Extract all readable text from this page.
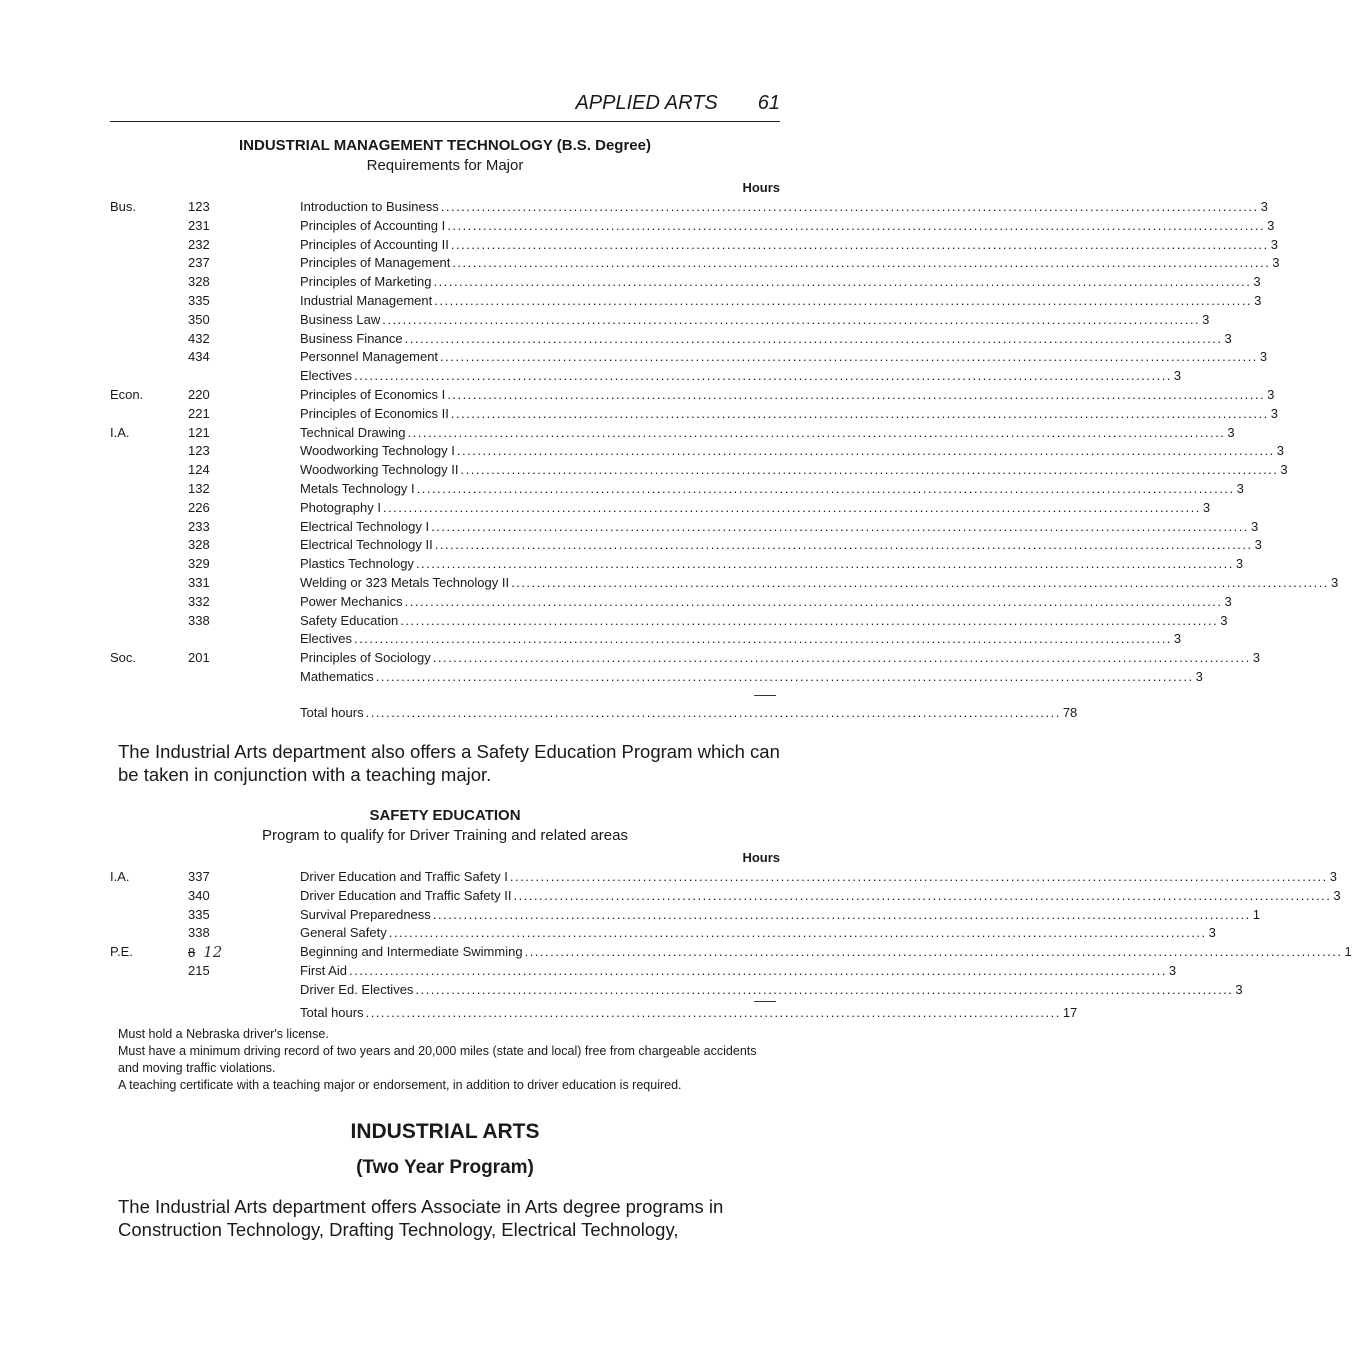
APPLIED ARTS 61
INDUSTRIAL MANAGEMENT TECHNOLOGY (B.S. Degree)
Requirements for Major
Hours
Bus.	123	Introduction to Business ................................................................................................................................................................ 3
231	Principles of Accounting I ................................................................................................................................................................ 3
232	Principles of Accounting II ................................................................................................................................................................ 3
237	Principles of Management ................................................................................................................................................................ 3
328	Principles of Marketing ................................................................................................................................................................ 3
335	Industrial Management ................................................................................................................................................................ 3
350	Business Law ................................................................................................................................................................ 3
432	Business Finance ................................................................................................................................................................ 3
434	Personnel Management ................................................................................................................................................................ 3
Electives ................................................................................................................................................................ 3
Econ.	220	Principles of Economics I ................................................................................................................................................................ 3
221	Principles of Economics II ................................................................................................................................................................ 3
I.A.	121	Technical Drawing ................................................................................................................................................................ 3
123	Woodworking Technology I ................................................................................................................................................................ 3
124	Woodworking Technology II ................................................................................................................................................................ 3
132	Metals Technology I ................................................................................................................................................................ 3
226	Photography I ................................................................................................................................................................ 3
233	Electrical Technology I ................................................................................................................................................................ 3
328	Electrical Technology II ................................................................................................................................................................ 3
329	Plastics Technology ................................................................................................................................................................ 3
331	Welding or 323 Metals Technology II ................................................................................................................................................................ 3
332	Power Mechanics ................................................................................................................................................................ 3
338	Safety Education ................................................................................................................................................................ 3
Electives ................................................................................................................................................................ 3
Soc.	201	Principles of Sociology ................................................................................................................................................................ 3
Mathematics ................................................................................................................................................................ 3
Total hours ........................................................................................................................................ 78
The Industrial Arts department also offers a Safety Education Program which can be taken in conjunction with a teaching major.
SAFETY EDUCATION
Program to qualify for Driver Training and related areas
Hours
I.A.	337	Driver Education and Traffic Safety I ................................................................................................................................................................ 3
340	Driver Education and Traffic Safety II ................................................................................................................................................................ 3
335	Survival Preparedness ................................................................................................................................................................ 1
338	General Safety ................................................................................................................................................................ 3
P.E.	8 12	Beginning and Intermediate Swimming ................................................................................................................................................................ 1
215	First Aid ................................................................................................................................................................ 3
Driver Ed. Electives ................................................................................................................................................................ 3
Total hours ........................................................................................................................................ 17

Must hold a Nebraska driver's license.

Must have a minimum driving record of two years and 20,000 miles (state and local) free from chargeable accidents and moving traffic violations.

A teaching certificate with a teaching major or endorsement, in addition to driver education is required.

INDUSTRIAL ARTS
(Two Year Program)
The Industrial Arts department offers Associate in Arts degree programs in Construction Technology, Drafting Technology, Electrical Technology,
